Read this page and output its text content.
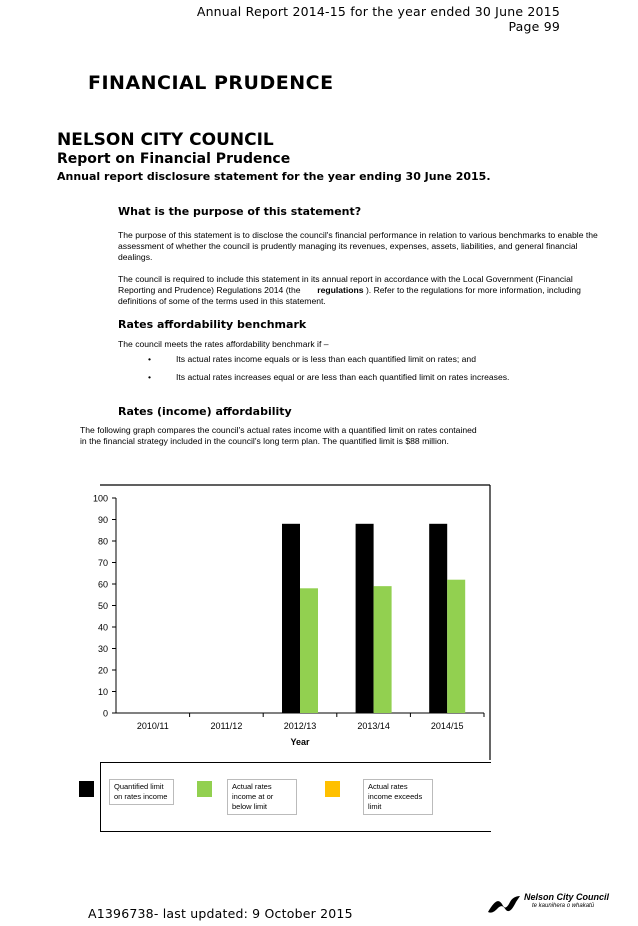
Annual Report 2014-15 for the year ended 30 June 2015
Page 99
FINANCIAL PRUDENCE
NELSON CITY COUNCIL
Report on Financial Prudence
Annual report disclosure statement for the year ending 30 June 2015.
What is the purpose of this statement?
The purpose of this statement is to disclose the council's financial performance in relation to various benchmarks to enable the assessment of whether the council is prudently managing its revenues, expenses, assets, liabilities, and general financial dealings.
The council is required to include this statement in its annual report in accordance with the Local Government (Financial Reporting and Prudence) Regulations 2014 (the regulations ). Refer to the regulations for more information, including definitions of some of the terms used in this statement.
Rates affordability benchmark
The council meets the rates affordability benchmark if –
•	Its actual rates income equals or is less than each quantified limit on rates; and
•	Its actual rates increases equal or are less than each quantified limit on rates increases.
Rates (income) affordability
The following graph compares the council's actual rates income with a quantified limit on rates contained in the financial strategy included in the council's long term plan. The quantified limit is $88 million.
0
10
20
30
40
50
60
70
80
90
100
2010/11	2011/12	2012/13	2013/14	2014/15
Year
Quantified limit on rates income
Actual rates income at or below limit
Actual rates income exceeds limit
A1396738- last updated: 9 October 2015
Nelson City Council
te kaunihera o whakatū
